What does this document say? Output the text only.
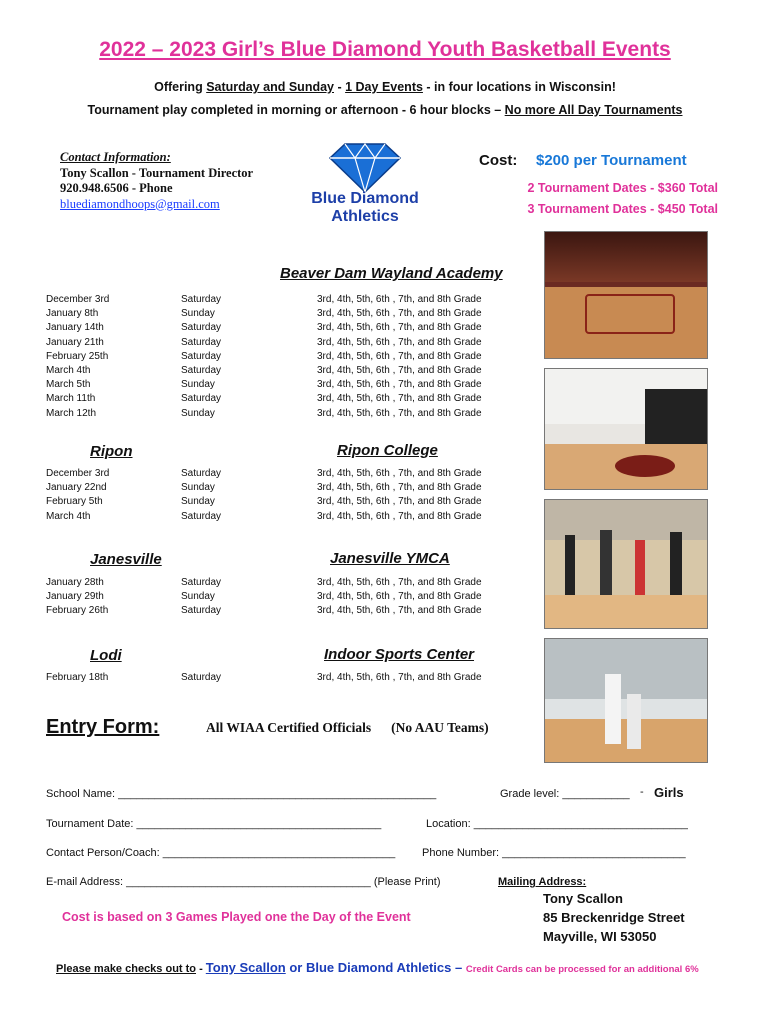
2022 – 2023 Girl’s Blue Diamond Youth Basketball Events
Offering Saturday and Sunday - 1 Day Events - in four locations in Wisconsin!
Tournament play completed in morning or afternoon - 6 hour blocks – No more All Day Tournaments
Contact Information:
Tony Scallon - Tournament Director
920.948.6506 - Phone
bluediamondhoops@gmail.com	Blue Diamond
Athletics
Cost: $200 per Tournament
2 Tournament Dates - $360 Total
3 Tournament Dates - $450 Total
Beaver Dam Wayland Academy
December 3rd	Saturday	3rd, 4th, 5th, 6th , 7th, and 8th Grade
January 8th	Sunday	3rd, 4th, 5th, 6th , 7th, and 8th Grade
January 14th	Saturday	3rd, 4th, 5th, 6th , 7th, and 8th Grade
January 21th	Saturday	3rd, 4th, 5th, 6th , 7th, and 8th Grade
February 25th	Saturday	3rd, 4th, 5th, 6th , 7th, and 8th Grade
March 4th	Saturday	3rd, 4th, 5th, 6th , 7th, and 8th Grade
March 5th	Sunday	3rd, 4th, 5th, 6th , 7th, and 8th Grade
March 11th	Saturday	3rd, 4th, 5th, 6th , 7th, and 8th Grade
March 12th	Sunday	3rd, 4th, 5th, 6th , 7th, and 8th Grade
Ripon	Ripon College
December 3rd	Saturday	3rd, 4th, 5th, 6th , 7th, and 8th Grade
January 22nd	Sunday	3rd, 4th, 5th, 6th , 7th, and 8th Grade
February 5th	Sunday	3rd, 4th, 5th, 6th , 7th, and 8th Grade
March 4th	Saturday	3rd, 4th, 5th, 6th , 7th, and 8th Grade
Janesville	Janesville YMCA
January 28th	Saturday	3rd, 4th, 5th, 6th , 7th, and 8th Grade
January 29th	Sunday	3rd, 4th, 5th, 6th , 7th, and 8th Grade
February 26th	Saturday	3rd, 4th, 5th, 6th , 7th, and 8th Grade
Lodi	Indoor Sports Center
February 18th	Saturday	3rd, 4th, 5th, 6th , 7th, and 8th Grade
Entry Form:	All WIAA Certified Officials (No AAU Teams)
School Name: ____________________________________________________	Grade level: ___________ - Girls
Tournament Date: ________________________________________	Location: ___________________________________
Contact Person/Coach: ______________________________________ Phone Number: ______________________________
E-mail Address: ________________________________________ (Please Print)	Mailing Address:
Tony Scallon
85 Breckenridge Street
Mayville, WI 53050
Cost is based on 3 Games Played one the Day of the Event
Please make checks out to - Tony Scallon or Blue Diamond Athletics – Credit Cards can be processed for an additional 6%
